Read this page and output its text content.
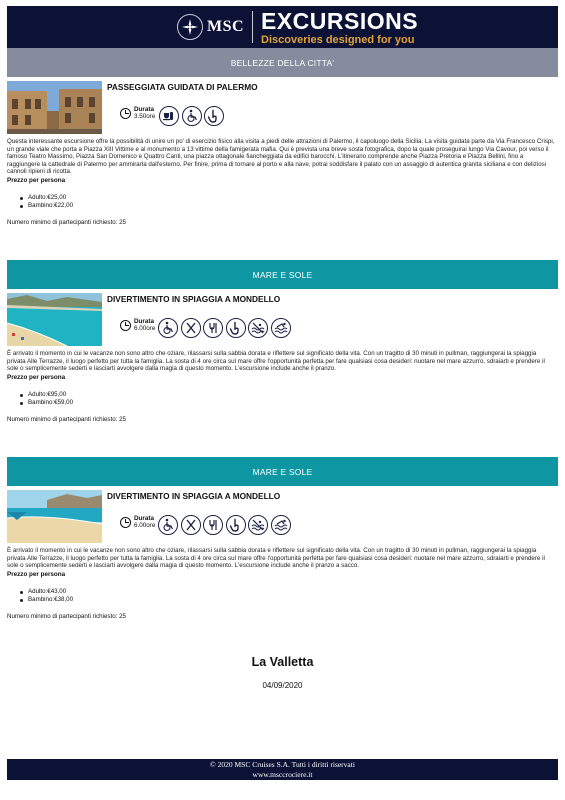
MSC EXCURSIONS
Discoveries designed for you
BELLEZZE DELLA CITTA'
PASSEGGIATA GUIDATA DI PALERMO
Durata
3.50ore
Questa interessante escursione offre la possibilità di unire un po' di esercizio fisico alla visita a piedi delle attrazioni di Palermo, il capoluogo della Sicilia. La visita guidata parte da Via Francesco Crispi, un grande viale che porta a Piazza XIII Vittime e al monumento a 13 vittime della famigerata mafia. Qui è prevista una breve sosta fotografica, dopo la quale proseguirai lungo Via Cavour, poi verso il famoso Teatro Massimo, Piazza San Domenico e Quattro Canti, una piazza ottagonale fiancheggiata da edifici barocchi. L'itinerario comprende anche Piazza Pretoria e Piazza Bellini, fino a raggiungere la cattedrale di Palermo per ammirarla dall'esterno. Per finire, prima di tornare al porto e alla nave, potrai soddisfare il palato con un assaggio di autentica granita siciliana e con deliziosi cannoli ripieni di ricotta.
Prezzo per persona
Adulto:€25,00
Bambino:€22,00
Numero minimo di partecipanti richiesto: 25
MARE E SOLE
DIVERTIMENTO IN SPIAGGIA A MONDELLO
Durata
6.00ore
È arrivato il momento in cui le vacanze non sono altro che oziare, rilassarsi sulla sabbia dorata e riflettere sul significato della vita. Con un tragitto di 30 minuti in pullman, raggiungerai la spiaggia privata Alle Terrazze, il luogo perfetto per tutta la famiglia. La sosta di 4 ore circa sul mare offre l'opportunità perfetta per fare qualsiasi cosa desideri: nuotare nel mare azzurro, sdraiarti e prendere il sole o semplicemente sederti e lasciarti avvolgere dalla magia di questo momento. L'escursione include anche il pranzo.
Prezzo per persona
Adulto:€95,00
Bambino:€59,00
Numero minimo di partecipanti richiesto: 25
MARE E SOLE
DIVERTIMENTO IN SPIAGGIA A MONDELLO
Durata
6.00ore
È arrivato il momento in cui le vacanze non sono altro che oziare, rilassarsi sulla sabbia dorata e riflettere sul significato della vita. Con un tragitto di 30 minuti in pullman, raggiungerai la spiaggia privata Alle Terrazze, il luogo perfetto per tutta la famiglia. La sosta di 4 ore circa sul mare offre l'opportunità perfetta per fare qualsiasi cosa desideri: nuotare nel mare azzurro, sdraiarti e prendere il sole o semplicemente sederti e lasciarti avvolgere dalla magia di questo momento. L'escursione include anche il pranzo a sacco.
Prezzo per persona
Adulto:€43,00
Bambino:€38,00
Numero minimo di partecipanti richiesto: 25
La Valletta
04/09/2020
© 2020 MSC Cruises S.A. Tutti i diritti riservati
www.msccrociere.it
